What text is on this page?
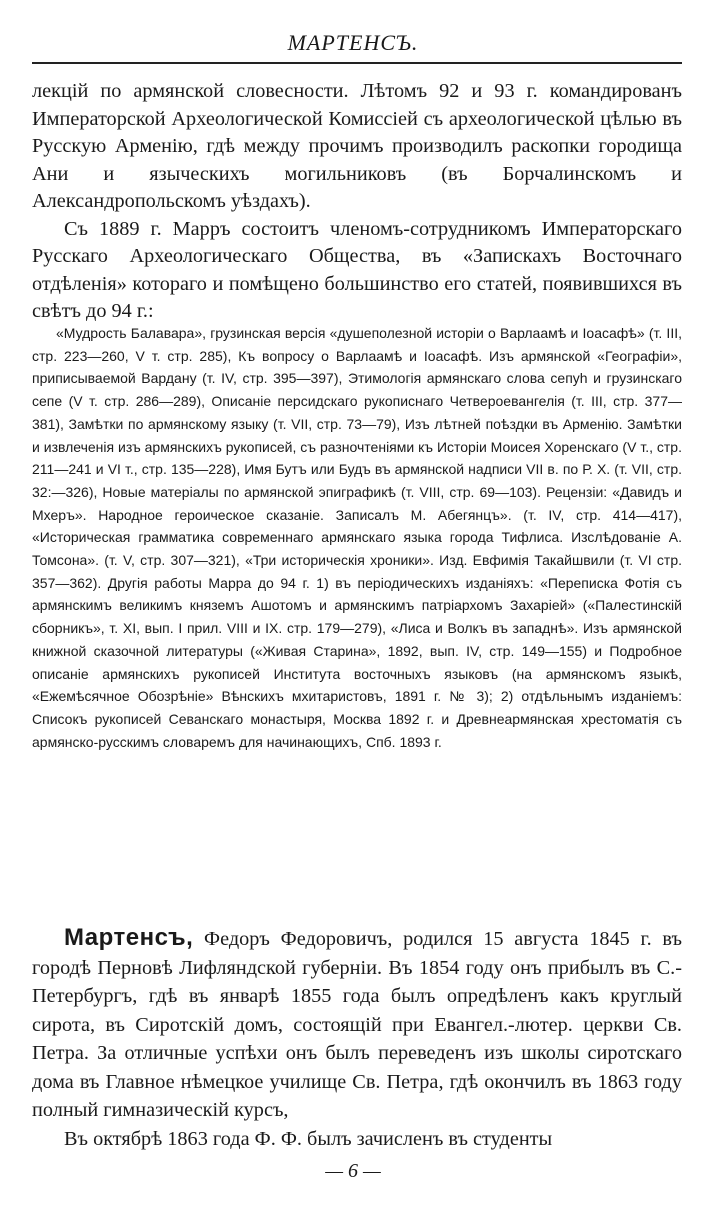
МАРТЕНСЪ.

лекцій по армянской словесности. Лѣтомъ 92 и 93 г. командированъ Императорской Археологической Комиссіей съ археологической цѣлью въ Русскую Арменію, гдѣ между прочимъ производилъ раскопки городища Ани и языческихъ могильниковъ (въ Борчалинскомъ и Александропольскомъ уѣздахъ).

Съ 1889 г. Марръ состоитъ членомъ-сотрудникомъ Императорскаго Русскаго Археологическаго Общества, въ «Запискахъ Восточнаго отдѣленія» котораго и помѣщено большинство его статей, появившихся въ свѣтъ до 94 г.:

«Мудрость Балавара», грузинская версія «душеполезной исторіи о Варлаамѣ и Іоасафѣ» (т. III, стр. 223—260, V т. стр. 285), Къ вопросу о Варлаамѣ и Іоасафѣ. Изъ армянской «Географіи», приписываемой Вардану (т. IV, стр. 395—397), Этимологія армянскаго слова сепуһ и грузинскаго сепе (V т. стр. 286—289), Описаніе персидскаго рукописнаго Четвероевангелія (т. III, стр. 377—381), Замѣтки по армянскому языку (т. VII, стр. 73—79), Изъ лѣтней поѣздки въ Арменію. Замѣтки и извлеченія изъ армянскихъ рукописей, съ разночтеніями къ Исторіи Моисея Хоренскаго (V т., стр. 211—241 и VI т., стр. 135—228), Имя Бутъ или Будъ въ армянской надписи VII в. по Р. Х. (т. VII, стр. 32:—326), Новые матеріалы по армянской эпиграфикѣ (т. VIII, стр. 69—103). Рецензіи: «Давидъ и Мхеръ». Народное героическое сказаніе. Записалъ М. Абегянцъ». (т. IV, стр. 414—417), «Историческая грамматика современнаго армянскаго языка города Тифлиса. Изслѣдованіе А. Томсона». (т. V, стр. 307—321), «Три историческія хроники». Изд. Евфимія Такайшвили (т. VI стр. 357—362). Другія работы Марра до 94 г. 1) въ періодическихъ изданіяхъ: «Переписка Фотія съ армянскимъ великимъ княземъ Ашотомъ и армянскимъ патріархомъ Захаріей» («Палестинскій сборникъ», т. XI, вып. I прил. VIII и IX. стр. 179—279), «Лиса и Волкъ въ западнѣ». Изъ армянской книжной сказочной литературы («Живая Старина», 1892, вып. IV, стр. 149—155) и Подробное описаніе армянскихъ рукописей Института восточныхъ языковъ (на армянскомъ языкѣ, «Ежемѣсячное Обозрѣніе» Вѣнскихъ мхитаристовъ, 1891 г. № 3); 2) отдѣльнымъ изданіемъ: Списокъ рукописей Севанскаго монастыря, Москва 1892 г. и Древнеармянская хрестоматія съ армянско-русскимъ словаремъ для начинающихъ, Спб. 1893 г.

Мартенсъ, Федоръ Федоровичъ, родился 15 августа 1845 г. въ городѣ Перновѣ Лифляндской губерніи. Въ 1854 году онъ прибылъ въ С.-Петербургъ, гдѣ въ январѣ 1855 года былъ опредѣленъ какъ круглый сирота, въ Сиротскій домъ, состоящій при Евангел.-лютер. церкви Св. Петра. За отличные успѣхи онъ былъ переведенъ изъ школы сиротскаго дома въ Главное нѣмецкое училище Св. Петра, гдѣ окончилъ въ 1863 году полный гимназическій курсъ,

Въ октябрѣ 1863 года Ф. Ф. былъ зачисленъ въ студенты

— 6 —
